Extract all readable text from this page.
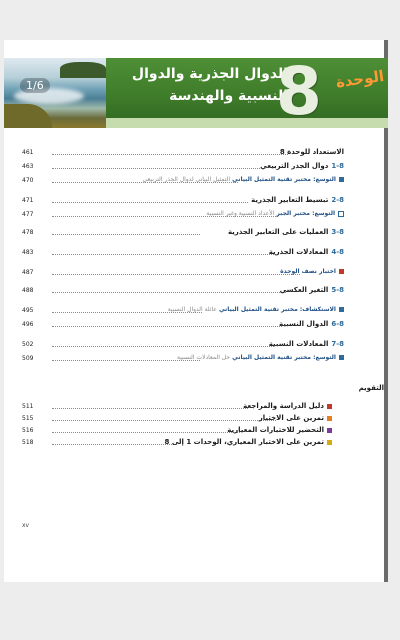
1/6
الدوال الجذرية والدوال
النسبية والهندسة
8 الوحدة
461	الاستعداد للوحدة 8
463	1-8دوال الجذر التربيعي
470	التوسع: مختبر تقنية التمثيل البياني التمثيل البياني لدوال الجذر التربيعي
471	2-8تبسيط التعابير الجذرية
477	التوسع: مختبر الجبر الأعداد النسبية وغير النسبية
478	3-8العمليات على التعابير الجذرية
483	4-8المعادلات الجذرية
487	اختبار نصف الوحدة
488	5-8التغير العكسي
495	الاستكشاف: مختبر تقنية التمثيل البياني عائلة الدوال النسبية
496	6-8الدوال النسبية
502	7-8المعادلات النسبية
509	التوسع: مختبر تقنية التمثيل البياني حل المعادلات النسبية
التقويم
511	دليل الدراسة والمراجعة
515	تمرين على الاختبار
516	التحضير للاختبارات المعيارية
518	تمرين على الاختبار المعياري، الوحدات 1 إلى 8
xv
